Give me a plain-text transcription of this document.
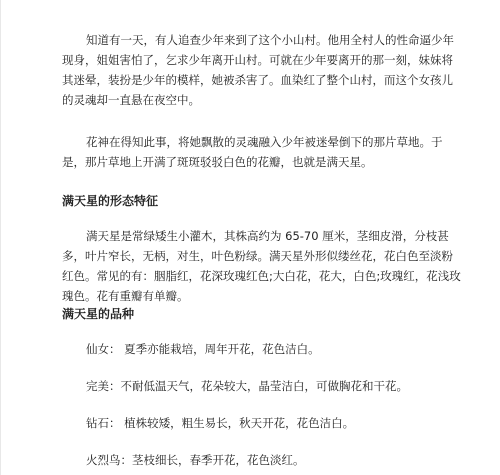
知道有一天，有人追查少年来到了这个小山村。他用全村人的性命逼少年现身，姐姐害怕了，乞求少年离开山村。可就在少年要离开的那一刻，妹妹将其迷晕，装扮是少年的模样，她被杀害了。血染红了整个山村，而这个女孩儿的灵魂却一直悬在夜空中。

花神在得知此事，将她飘散的灵魂融入少年被迷晕倒下的那片草地。于是，那片草地上开满了斑斑驳驳白色的花瓣，也就是满天星。

满天星的形态特征

满天星是常绿矮生小灌木，其株高约为 65-70 厘米，茎细皮滑，分枝甚多，叶片窄长，无柄，对生，叶色粉绿。满天星外形似缕丝花，花白色至淡粉红色。常见的有：胭脂红，花深玫瑰红色;大白花，花大，白色;玫瑰红，花浅玫瑰色。花有重瓣有单瓣。

满天星的品种

仙女： 夏季亦能栽培，周年开花，花色洁白。

完美：不耐低温天气，花朵较大，晶莹洁白，可做胸花和干花。

钻石： 植株较矮，粗生易长，秋天开花，花色洁白。

火烈鸟：茎枝细长，春季开花，花色淡红。
